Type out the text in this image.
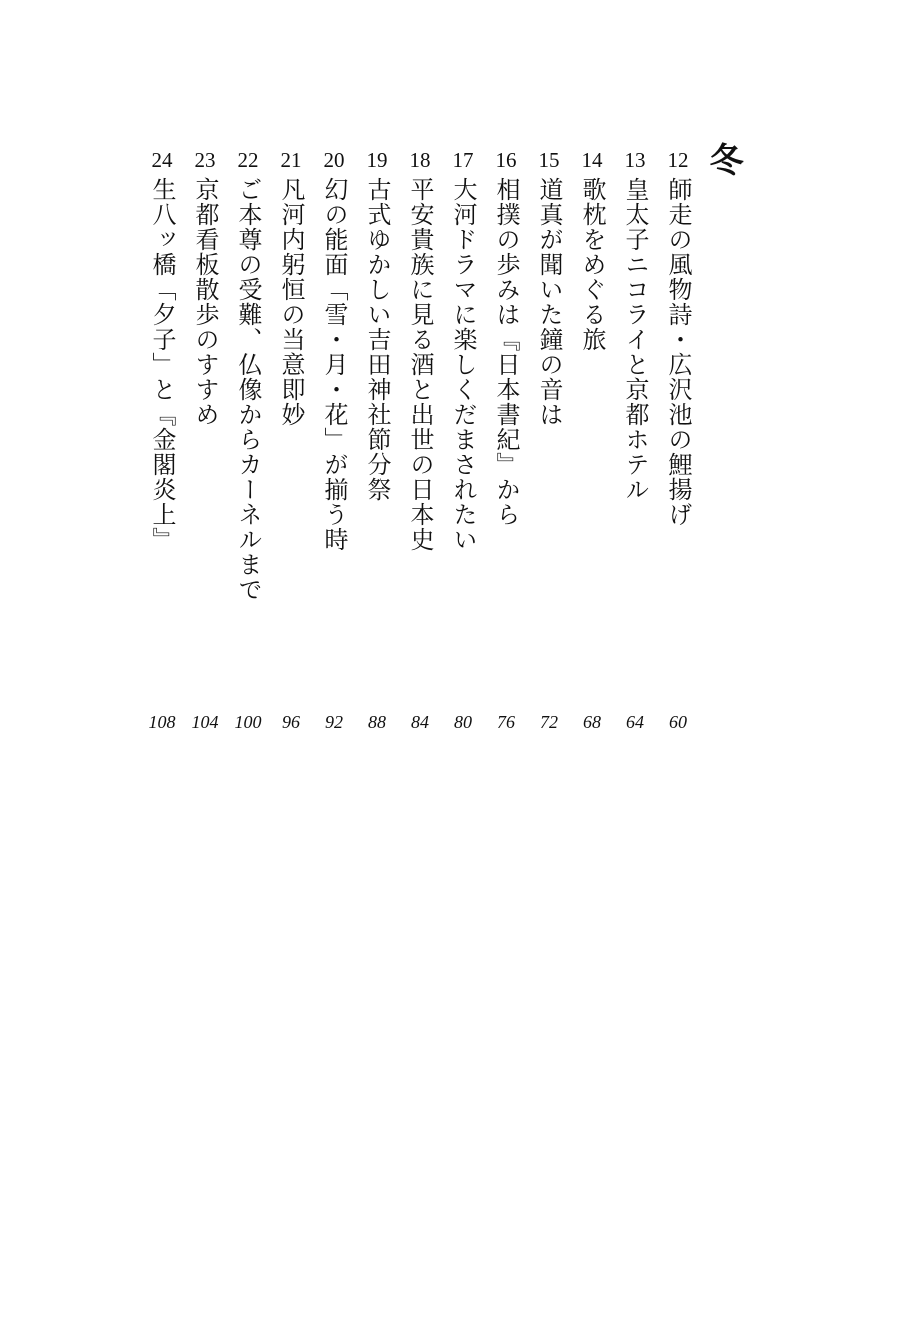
冬
12
師走の風物詩・広沢池の鯉揚げ
60
13
皇太子ニコライと京都ホテル
64
14
歌枕をめぐる旅
68
15
道真が聞いた鐘の音は
72
16
相撲の歩みは『日本書紀』から
76
17
大河ドラマに楽しくだまされたい
80
18
平安貴族に見る酒と出世の日本史
84
19
古式ゆかしい吉田神社節分祭
88
20
幻の能面「雪・月・花」が揃う時
92
21
凡河内躬恒の当意即妙
96
22
ご本尊の受難、仏像からカーネルまで
100
23
京都看板散歩のすすめ
104
24
生八ッ橋「夕子」と『金閣炎上』
108
